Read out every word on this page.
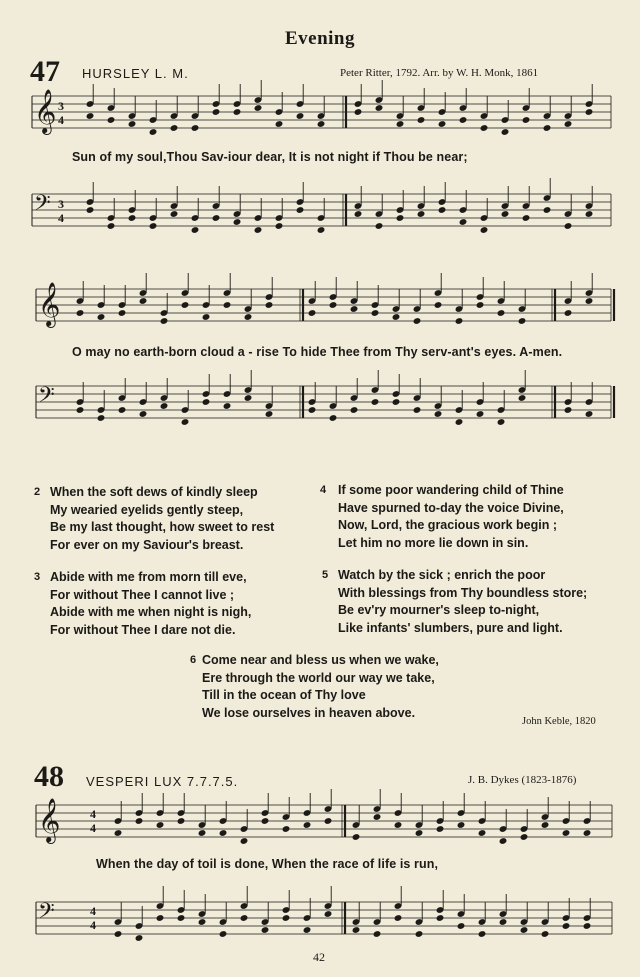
Evening
47 HURSLEY L. M.	Peter Ritter, 1792. Arr. by W. H. Monk, 1861
𝄞 3
4
𝄢 3
4
𝄞
𝄢
𝄞 4
4
𝄢	4
4
Sun of my soul,Thou Sav-iour dear, It is not night if Thou be near;
O may no earth-born cloud a - rise To hide Thee from Thy serv-ant's eyes. A-men.
2 When the soft dews of kindly sleep
My wearied eyelids gently steep,
Be my last thought, how sweet to rest
For ever on my Saviour's breast.
3 Abide with me from morn till eve,
For without Thee I cannot live ;
Abide with me when night is nigh,
For without Thee I dare not die.
4 If some poor wandering child of Thine
Have spurned to-day the voice Divine,
Now, Lord, the gracious work begin ;
Let him no more lie down in sin.
5 Watch by the sick ; enrich the poor
With blessings from Thy boundless store;
Be ev'ry mourner's sleep to-night,
Like infants' slumbers, pure and light.
6 Come near and bless us when we wake,
Ere through the world our way we take,
Till in the ocean of Thy love
We lose ourselves in heaven above.
John Keble, 1820
48 VESPERI LUX 7.7.7.5.	J. B. Dykes (1823-1876)
When the day of toil is done, When the race of life is run,
42
